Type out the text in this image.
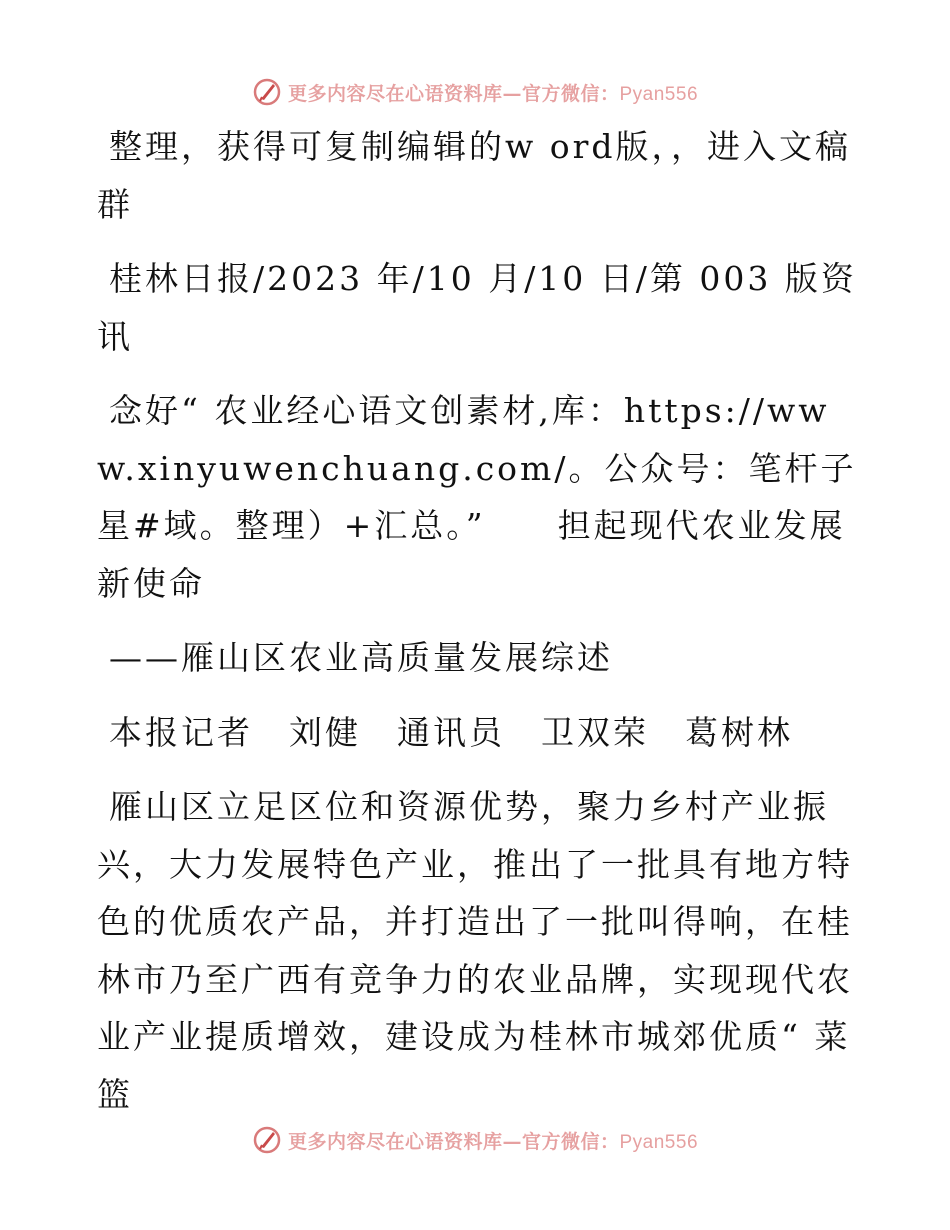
更多内容尽在心语资料库—官方微信：Pyan556

整理，获得可复制编辑的w ord版，，进入文稿群

桂林日报/2023 年/10 月/10 日/第 003 版资讯

念好“ 农业经心语文创素材,库：https://www.xinyuwenchuang.com/。公众号：笔杆子星#域。整理）+汇总。”　　担起现代农业发展新使命

——雁山区农业高质量发展综述

本报记者　刘健　通讯员　卫双荣　葛树林

雁山区立足区位和资源优势，聚力乡村产业振兴，大力发展特色产业，推出了一批具有地方特色的优质农产品，并打造出了一批叫得响，在桂林市乃至广西有竞争力的农业品牌，实现现代农业产业提质增效，建设成为桂林市城郊优质“ 菜篮

更多内容尽在心语资料库—官方微信：Pyan556
